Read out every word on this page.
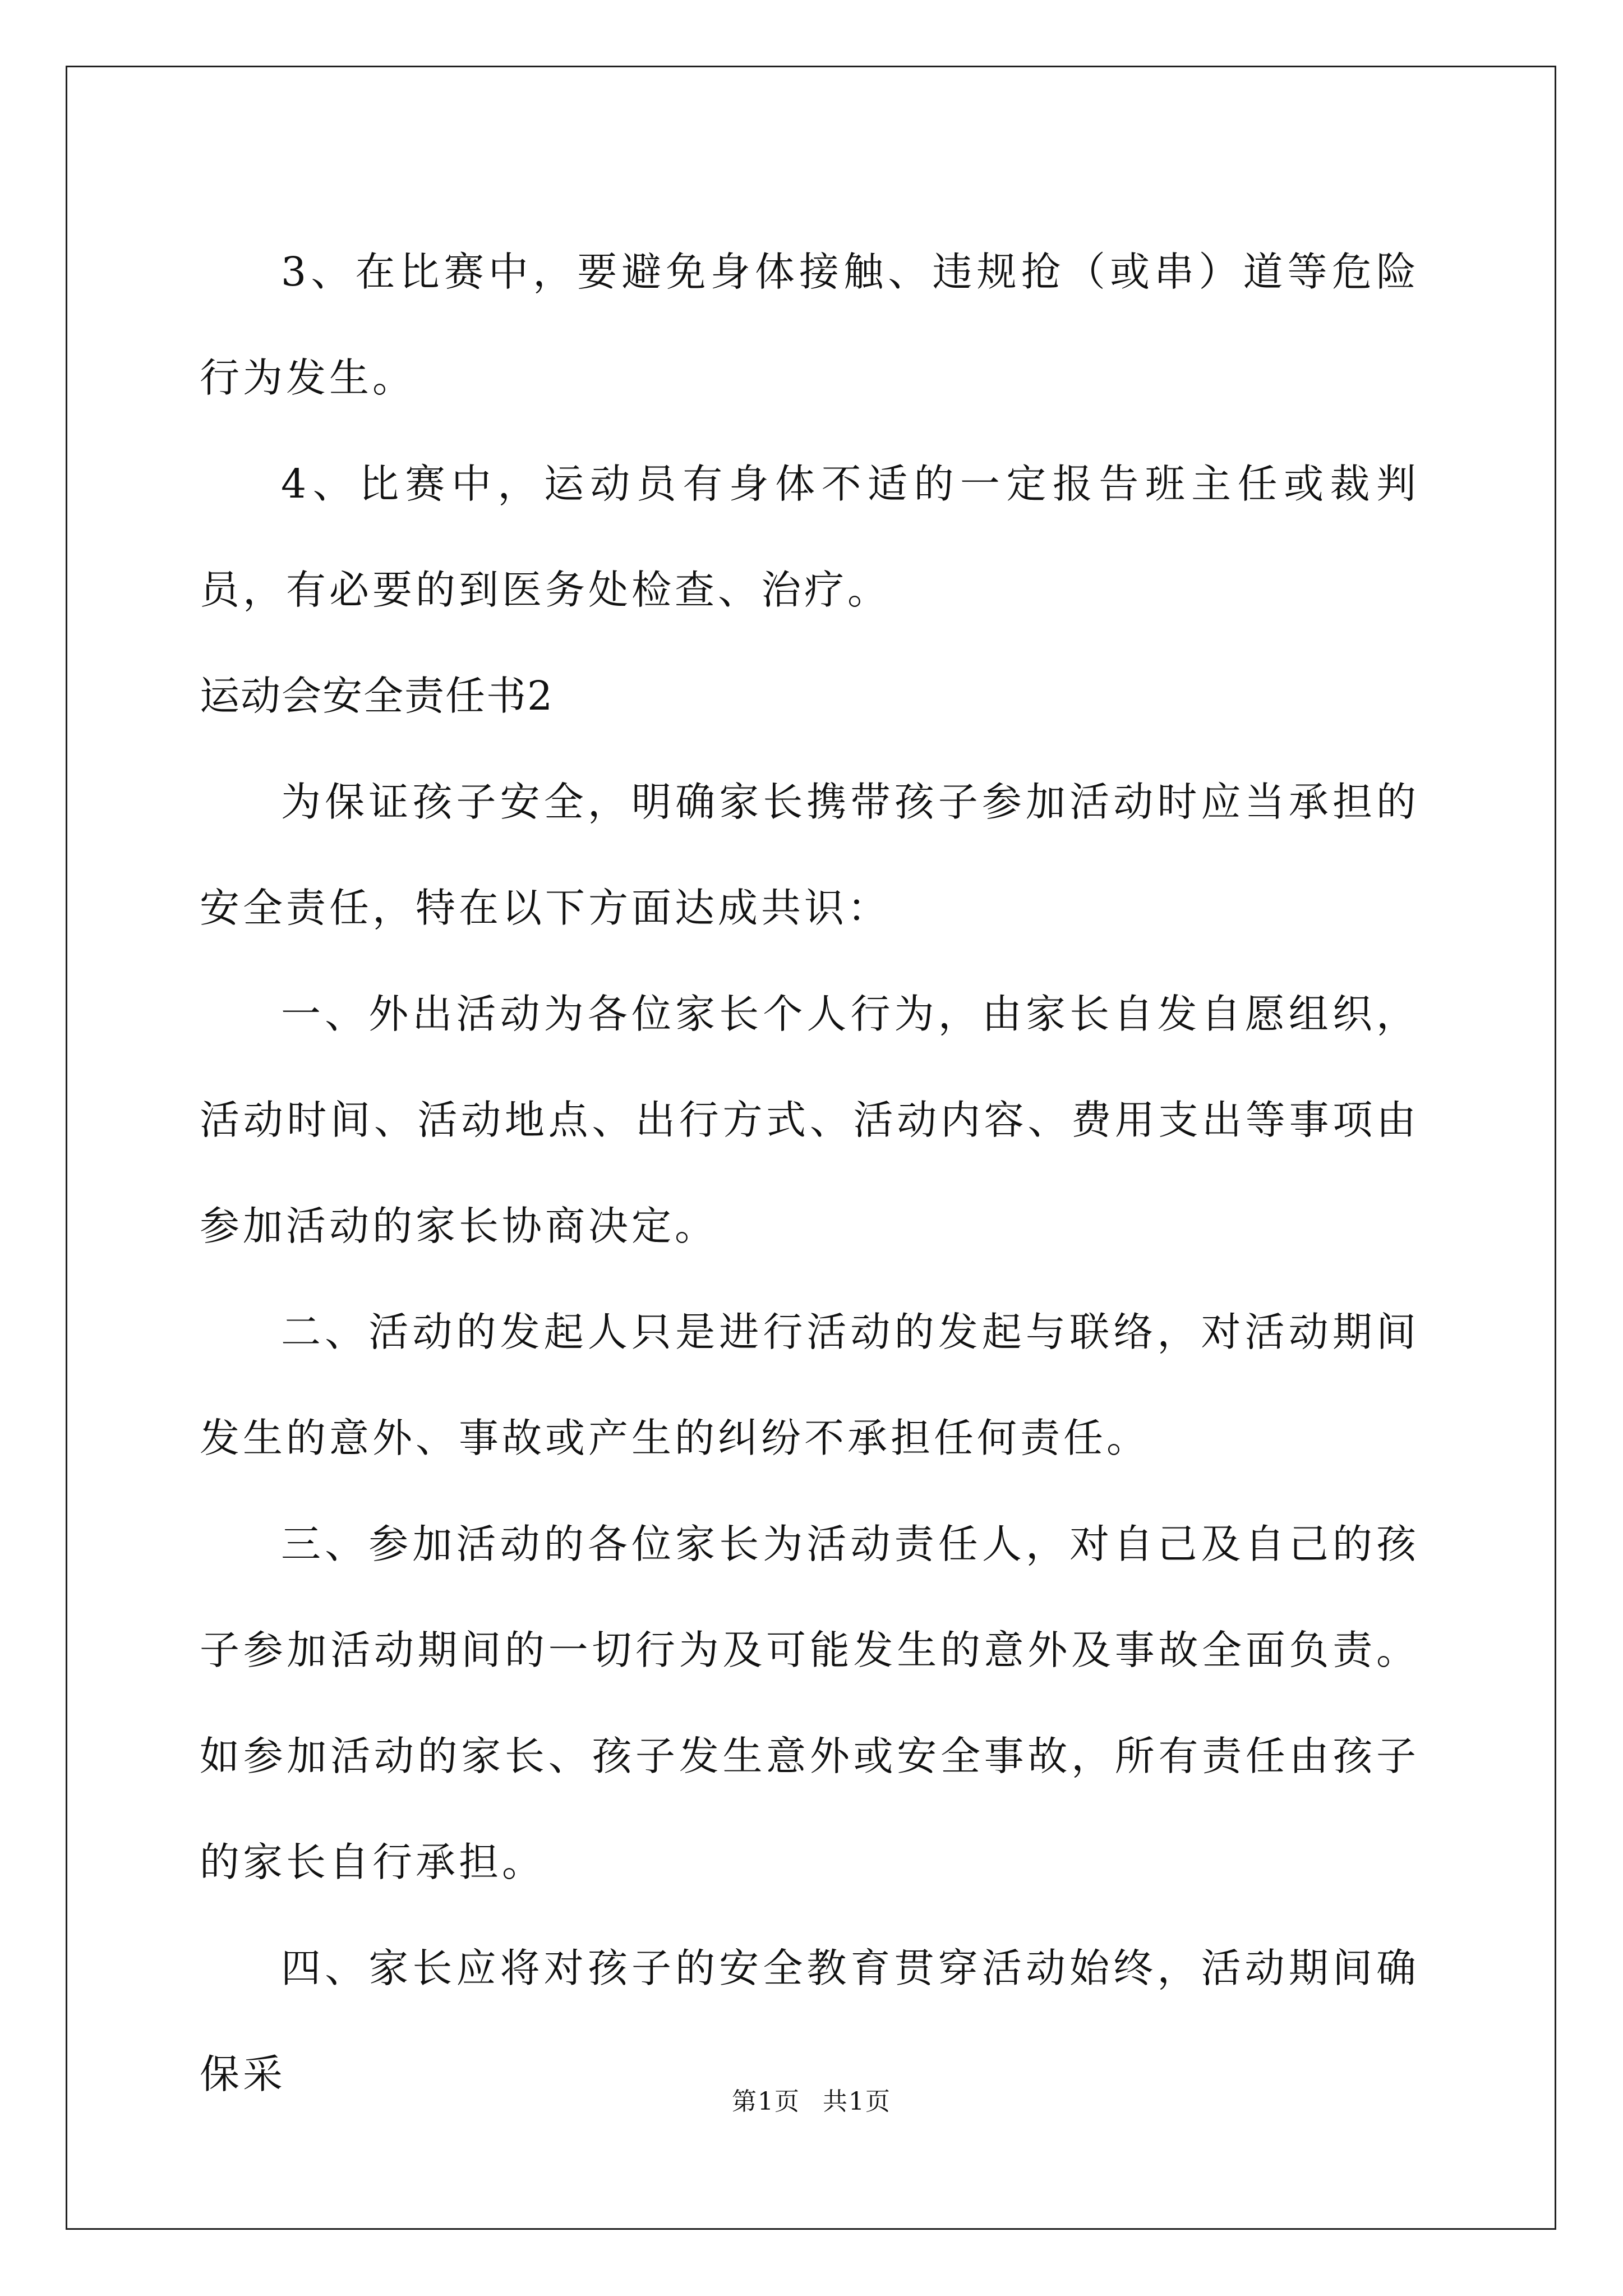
3、在比赛中，要避免身体接触、违规抢（或串）道等危险行为发生。

4、比赛中，运动员有身体不适的一定报告班主任或裁判员，有必要的到医务处检查、治疗。

运动会安全责任书2

为保证孩子安全，明确家长携带孩子参加活动时应当承担的安全责任，特在以下方面达成共识：

一、外出活动为各位家长个人行为，由家长自发自愿组织，活动时间、活动地点、出行方式、活动内容、费用支出等事项由参加活动的家长协商决定。

二、活动的发起人只是进行活动的发起与联络，对活动期间发生的意外、事故或产生的纠纷不承担任何责任。

三、参加活动的各位家长为活动责任人，对自己及自己的孩子参加活动期间的一切行为及可能发生的意外及事故全面负责。如参加活动的家长、孩子发生意外或安全事故，所有责任由孩子的家长自行承担。

四、家长应将对孩子的安全教育贯穿活动始终，活动期间确保采

第1页 共1页
